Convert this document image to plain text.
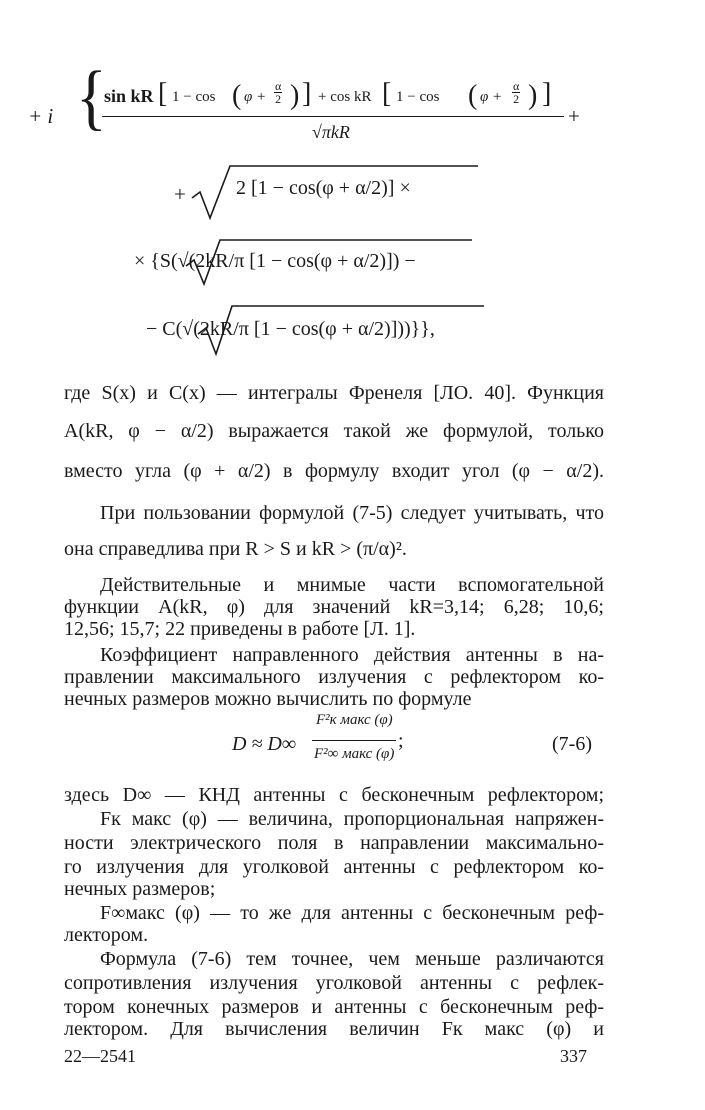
+ i {
sin kR [ 1 − cos ( $\varphi + \frac{\alpha}{2}$ ) ] + cos kR [ 1 − cos ( $\varphi + \frac{\alpha}{2}$ ) ]
√πkR
+
+	2 [1 − cos(φ + α/2)] ×
× {S(√(2kR/π [1 − cos(φ + α/2)]) −
− C(√(2kR/π [1 − cos(φ + α/2)]))}},
где S(x) и C(x) — интегралы Френеля [ЛО. 40]. Функция
A(kR, φ − α/2) выражается такой же формулой, только
вместо угла (φ + α/2) в формулу входит угол (φ − α/2).
При пользовании формулой (7-5) следует учитывать, что
она справедлива при R > S и kR > (π/α)².
Действительные и мнимые части вспомогательной
функции A(kR, φ) для значений kR=3,14; 6,28; 10,6;
12,56; 15,7; 22 приведены в работе [Л. 1].
Коэффициент направленного действия антенны в на-
правлении максимального излучения с рефлектором ко-
нечных размеров можно вычислить по формуле
D ≈ D∞
F²к макс (φ)
F²∞ макс (φ)
;	(7-6)
здесь D∞ — КНД антенны с бесконечным рефлектором;
Fк макс (φ) — величина, пропорциональная напряжен-
ности электрического поля в направлении максимально-
го излучения для уголковой антенны с рефлектором ко-
нечных размеров;
F∞макс (φ) — то же для антенны с бесконечным реф-
лектором.
Формула (7-6) тем точнее, чем меньше различаются
сопротивления излучения уголковой антенны с рефлек-
тором конечных размеров и антенны с бесконечным реф-
лектором. Для вычисления величин Fк макс (φ) и
22—2541	337
